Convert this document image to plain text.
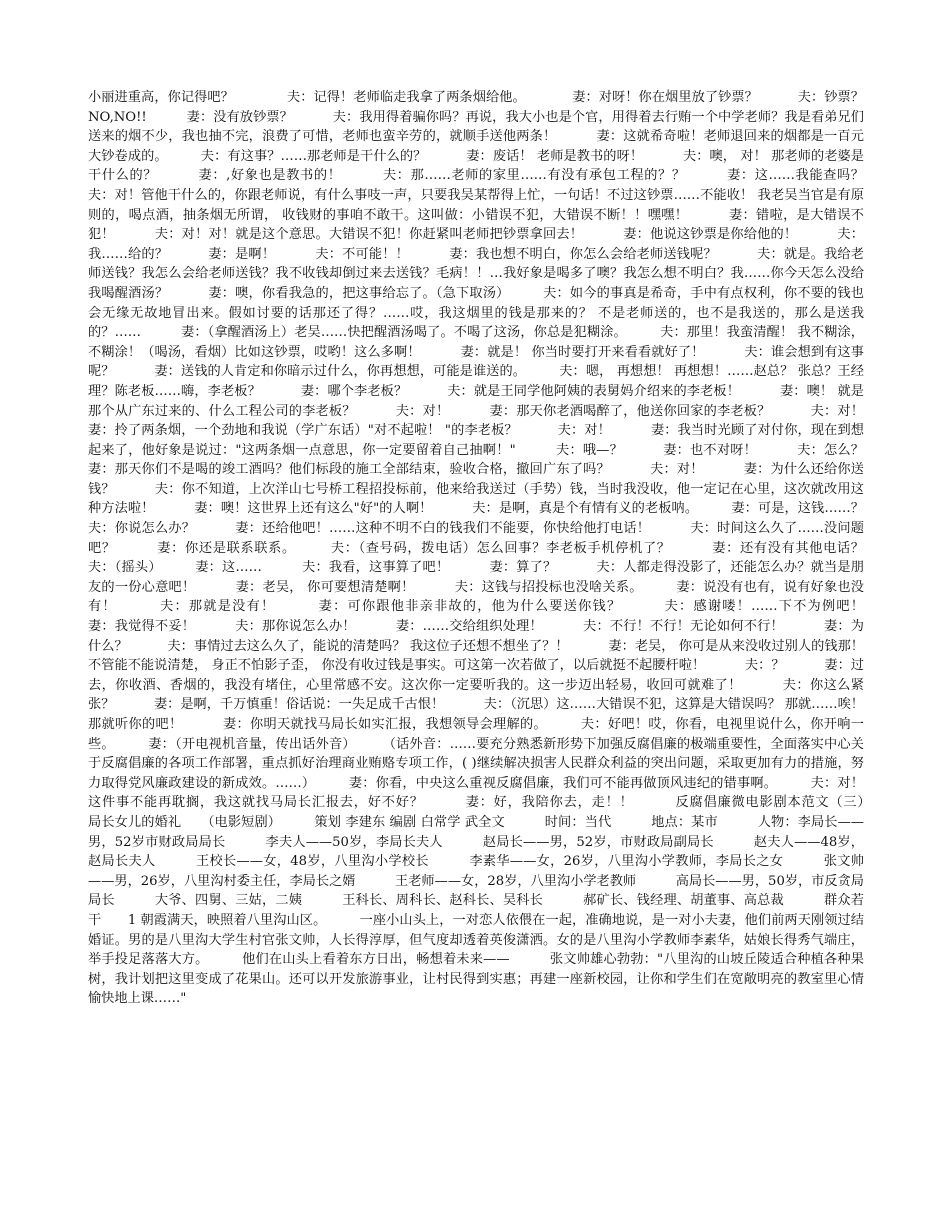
小丽进重高，你记得吧？　　　　夫：记得！老师临走我拿了两条烟给他。　　　　妻：对呀！你在烟里放了钞票？　　　夫：钞票？NO,NO!!　　　妻：没有放钞票？　　　夫：我用得着骗你吗？再说，我大小也是个官，用得着去行贿一个中学老师？我是看弟兄们送来的烟不少，我也抽不完，浪费了可惜，老师也蛮辛劳的，就顺手送他两条！　　　妻：这就希奇啦！老师退回来的烟都是一百元大钞卷成的。　　　夫：有这事？……那老师是干什么的？　　　妻：废话！ 老师是教书的呀！　　　夫：噢， 对！ 那老师的老婆是干什么的？　　　妻：,好象也是教书的！　　　夫：那……老师的家里……有没有承包工程的？？　　　妻：这……我能查吗？　　　夫：对！管他干什么的，你跟老师说，有什么事吱一声，只要我吴某帮得上忙，一句话！不过这钞票……不能收！ 我老吴当官是有原则的，喝点酒，抽条烟无所谓， 收钱财的事咱不敢干。这叫做：小错误不犯，大错误不断！！嘿嘿！　　　妻：错啦，是大错误不犯！　　　夫：对！对！就是这个意思。大错误不犯！你赶紧叫老师把钞票拿回去！　　　妻：他说这钞票是你给他的！　　　夫：我……给的？　　　妻：是啊！　　　夫：不可能！！　　　妻：我也想不明白，你怎么会给老师送钱呢？　　　夫：就是。我给老师送钱？我怎么会给老师送钱？我不收钱却倒过来去送钱？毛病！！…我好象是喝多了噢？我怎么想不明白？我……你今天怎么没给我喝醒酒汤？　　　妻：噢，你看我急的，把这事给忘了。（急下取汤）　　　夫：如今的事真是希奇，手中有点权利，你不要的钱也会无缘无故地冒出来。假如讨要的话那还了得？……哎，我这烟里的钱是那来的？ 不是老师送的，也不是我送的，那么是送我的？……　　　妻：（拿醒酒汤上）老吴……快把醒酒汤喝了。不喝了这汤，你总是犯糊涂。　　　夫：那里！我蛮清醒！ 我不糊涂， 不糊涂！（喝汤，看烟）比如这钞票，哎哟！这么多啊！　　　妻：就是！ 你当时要打开来看看就好了！　　　夫：谁会想到有这事呢？　　　妻：送钱的人肯定和你暗示过什么，你再想想，可能是谁送的。　　　夫：嗯， 再想想！ 再想想！……赵总？ 张总？王经理？陈老板……嗨，李老板？　　　妻：哪个李老板？　　　夫：就是王同学他阿姨的表舅妈介绍来的李老板！　　　妻：噢！ 就是那个从广东过来的、什么工程公司的李老板？　　　夫：对！　　　妻：那天你老酒喝醉了，他送你回家的李老板？　　　夫：对！　　　妻：拎了两条烟，一个劲地和我说（学广东话）"对不起啦！ "的李老板？　　　夫：对！　　　妻：我当时光顾了对付你，现在到想起来了，他好象是说过："这两条烟一点意思，你一定要留着自己抽啊！"　　　夫：哦—？　　　妻：也不对呀！　　　夫：怎么？　　　妻：那天你们不是喝的竣工酒吗？他们标段的施工全部结束，验收合格，撤回广东了吗？　　　夫：对！　　　妻：为什么还给你送钱？　　　夫：你不知道，上次洋山七号桥工程招投标前，他来给我送过（手势）钱，当时我没收，他一定记在心里，这次就改用这种方法啦！　　　妻：噢！这世界上还有这么"好"的人啊！　　　夫：是啊，真是个有情有义的老板呐。　　　妻：可是，这钱……？　　　夫：你说怎么办？　　　妻：还给他吧！……这种不明不白的钱我们不能要，你快给他打电话！　　　夫：时间这么久了……没问题吧？　　　妻：你还是联系联系。　　　夫：（查号码，拨电话）怎么回事？李老板手机停机了？　　　妻：还有没有其他电话？　　　夫：（摇头）　　　妻：这……　　　夫：我看，这事算了吧！　　　妻：算了？　　　夫：人都走得没影了，还能怎么办？就当是朋友的一份心意吧！　　　妻：老吴， 你可要想清楚啊！　　　夫：这钱与招投标也没啥关系。　　　妻：说没有也有，说有好象也没有！　　　夫：那就是没有！　　　妻：可你跟他非亲非故的，他为什么要送你钱？　　　夫：感谢喽！……下不为例吧！　　　妻：我觉得不妥！　　　夫：那你说怎么办！　　　妻：……交给组织处理！　　　夫：不行！不行！无论如何不行！　　　妻：为什么？　　　夫：事情过去这么久了，能说的清楚吗？ 我这位子还想不想坐了？！　　　妻：老吴， 你可是从来没收过别人的钱那！不管能不能说清楚， 身正不怕影子歪， 你没有收过钱是事实。可这第一次若做了，以后就挺不起腰杆啦！　　　夫：？　　　妻：过去，你收酒、香烟的，我没有堵住，心里常感不安。这次你一定要听我的。这一步迈出轻易，收回可就难了！　　　夫：你这么紧张？　　　妻：是啊，千万慎重！俗话说：一失足成千古恨！　　　夫：（沉思）这……大错误不犯，这算是大错误吗？ 那就……唉！ 那就听你的吧！　　　妻：你明天就找马局长如实汇报，我想领导会理解的。　　　夫：好吧！哎，你看，电视里说什么，你开响一些。　　　妻：（开电视机音量，传出话外音）　　　（话外音：……要充分熟悉新形势下加强反腐倡廉的极端重要性，全面落实中心关于反腐倡廉的各项工作部署，重点抓好治理商业贿赂专项工作，( )继续解决损害人民群众利益的突出问题，采取更加有力的措施，努力取得党风廉政建设的新成效。……）　　　妻：你看，中央这么重视反腐倡廉，我们可不能再做顶风违纪的错事啊。　　　夫：对！这件事不能再耽搁，我这就找马局长汇报去，好不好？　　　妻：好，我陪你去，走！！　　　反腐倡廉微电影剧本范文（三）　　　局长女儿的婚礼　　（电影短剧）　　　策划 李建东 编剧 白常学 武全文　　　时间：当代　　　地点：某市　　　人物：李局长——男，52岁市财政局局长　　　李夫人——50岁，李局长夫人　　　赵局长——男，52岁，市财政局副局长　　　赵夫人——48岁，赵局长夫人　　　王校长——女，48岁，八里沟小学校长　　　李素华——女，26岁，八里沟小学教师，李局长之女　　　张文帅——男，26岁，八里沟村委主任，李局长之婿　　　王老师——女，28岁，八里沟小学老教师　　　高局长——男，50岁，市反贪局局长　　　大爷、四舅、三姑，二姨　　　王科长、周科长、赵科长、吴科长　　　郝矿长、钱经理、胡董事、高总裁　　　群众若干　　1 朝霞满天，映照着八里沟山区。　　　一座小山头上，一对恋人依偎在一起，准确地说，是一对小夫妻，他们前两天刚领过结婚证。男的是八里沟大学生村官张文帅，人长得淳厚，但气度却透着英俊潇洒。女的是八里沟小学教师李素华，姑娘长得秀气端庄，举手投足落落大方。　　　他们在山头上看着东方日出，畅想着未来——　　　张文帅雄心勃勃："八里沟的山坡丘陵适合种植各种果树，我计划把这里变成了花果山。还可以开发旅游事业，让村民得到实惠；再建一座新校园，让你和学生们在宽敞明亮的教室里心情愉快地上课……"
